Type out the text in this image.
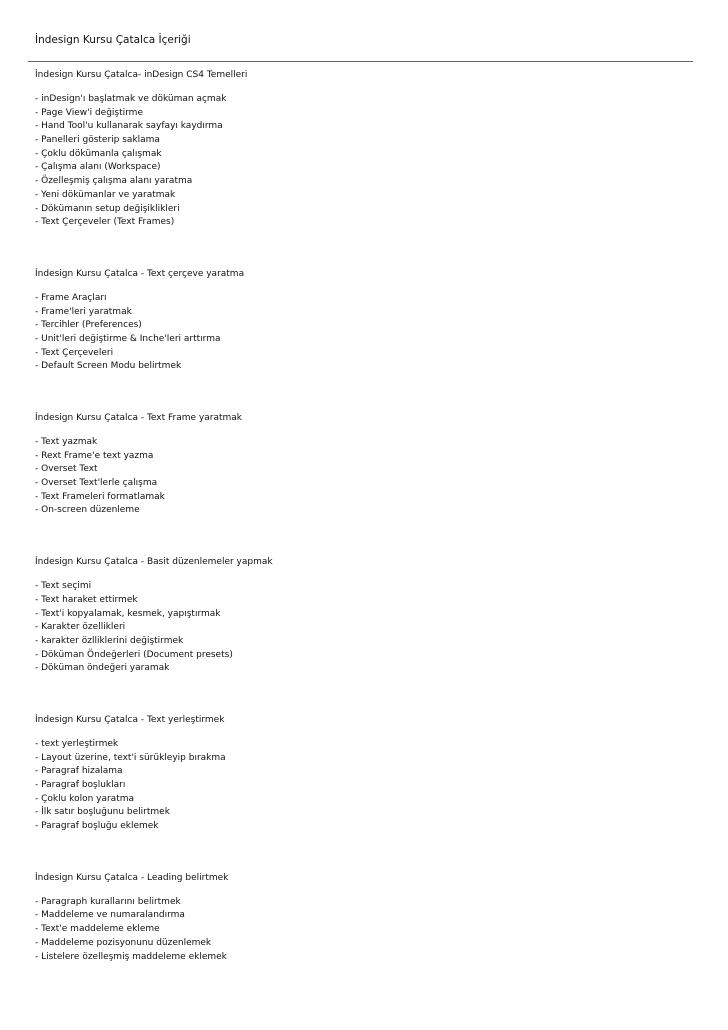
İndesign Kursu Çatalca İçeriği
İndesign Kursu Çatalca- inDesign CS4 Temelleri
- inDesign'ı başlatmak ve döküman açmak
- Page View'i değiştirme
- Hand Tool'u kullanarak sayfayı kaydırma
- Panelleri gösterip saklama
- Çoklu dökümanla çalışmak
- Çalışma alanı (Workspace)
- Özelleşmiş çalışma alanı yaratma
- Yeni dökümanlar ve yaratmak
- Dökümanın setup değişiklikleri
- Text Çerçeveler (Text Frames)
İndesign Kursu Çatalca - Text çerçeve yaratma
- Frame Araçları
- Frame'leri yaratmak
- Tercihler (Preferences)
- Unit'leri değiştirme & Inche'leri arttırma
- Text Çerçeveleri
- Default Screen Modu belirtmek
İndesign Kursu Çatalca - Text Frame yaratmak
- Text yazmak
- Rext Frame'e text yazma
- Overset Text
- Overset Text'lerle çalışma
- Text Frameleri formatlamak
- On-screen düzenleme
İndesign Kursu Çatalca - Basit düzenlemeler yapmak
- Text seçimi
- Text haraket ettirmek
- Text'i kopyalamak, kesmek, yapıştırmak
- Karakter özellikleri
- karakter özlliklerini değiştirmek
- Döküman Öndeğerleri (Document presets)
- Döküman öndeğeri yaramak
İndesign Kursu Çatalca - Text yerleştirmek
- text yerleştirmek
- Layout üzerine, text'i sürükleyip bırakma
- Paragraf hizalama
- Paragraf boşlukları
- Çoklu kolon yaratma
- İlk satır boşluğunu belirtmek
- Paragraf boşluğu eklemek
İndesign Kursu Çatalca - Leading belirtmek
- Paragraph kurallarını belirtmek
- Maddeleme ve numaralandırma
- Text'e maddeleme ekleme
- Maddeleme pozisyonunu düzenlemek
- Listelere özelleşmiş maddeleme eklemek
